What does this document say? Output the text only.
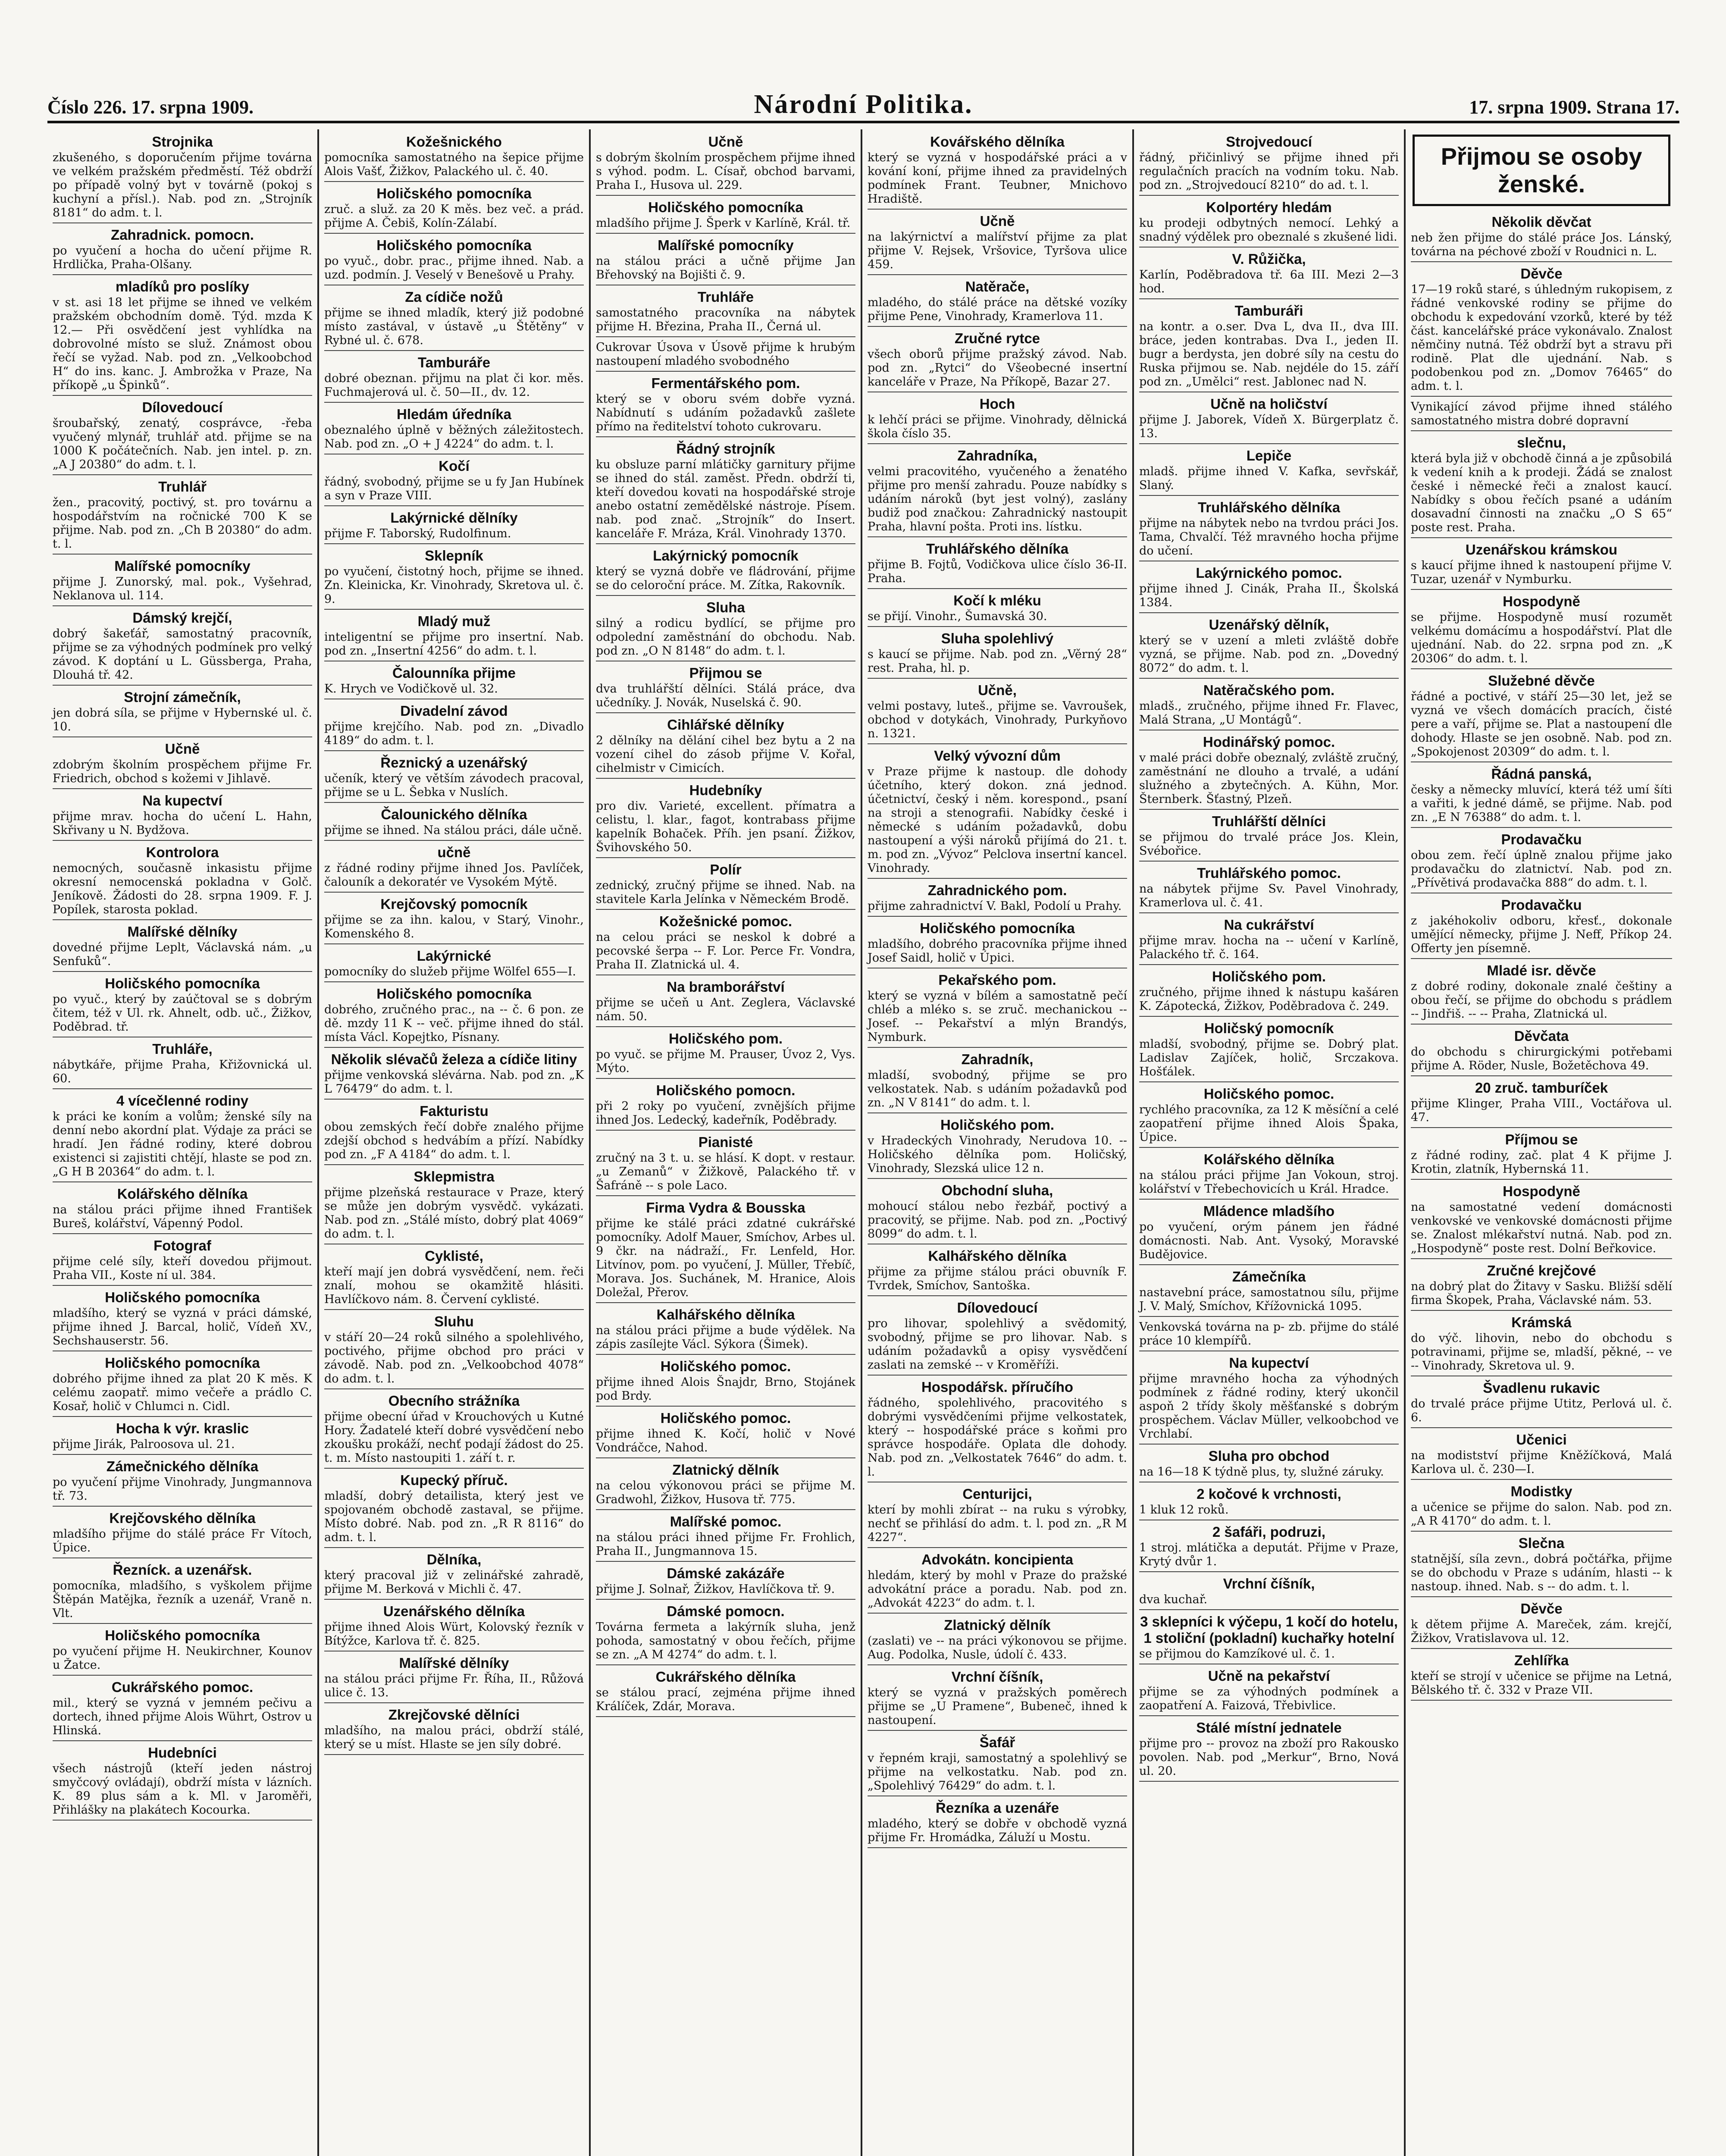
Číslo 226. 17. srpna 1909.	Národní Politika.	17. srpna 1909. Strana 17.
Strojnika
zkušeného, s doporučením přijme továrna ve velkém pražském předměstí. Též obdrží po případě volný byt v továrně (pokoj s kuchyní a přísl.). Nab. pod zn. „Strojník 8181“ do adm. t. l.
Zahradnick. pomocn.
po vyučení a hocha do učení přijme R. Hrdlička, Praha-Olšany.
mladíků pro poslíky
v st. asi 18 let přijme se ihned ve velkém pražském obchodním domě. Týd. mzda K 12.— Při osvědčení jest vyhlídka na dobrovolné místo se služ. Známost obou řečí se vyžad. Nab. pod zn. „Velkoobchod H“ do ins. kanc. J. Ambrožka v Praze, Na příkopě „u Špinků“.
Dílovedoucí
šroubařský, zenatý, cosprávce, ‑řeba vyučený mlynář, truhlář atd. přijme se na 1000 K počátečních. Nab. jen intel. p. zn. „A J 20380“ do adm. t. l.
Truhlář
žen., pracovitý, poctivý, st. pro továrnu a hospodářstvím na ročnické 700 K se přijme. Nab. pod zn. „Ch B 20380“ do adm. t. l.
Malířské pomocníky
přijme J. Zunorský, mal. pok., Vyšehrad, Neklanova ul. 114.
Dámský krejčí,
dobrý šakeťář, samostatný pracovník, přijme se za výhodných podmínek pro velký závod. K doptání u L. Güssberga, Praha, Dlouhá tř. 42.
Strojní zámečník,
jen dobrá síla, se přijme v Hybernské ul. č. 10.
Učně
zdobrým školním prospěchem přijme Fr. Friedrich, obchod s kožemi v Jihlavě.
Na kupectví
přijme mrav. hocha do učení L. Hahn, Skřivany u N. Bydžova.
Kontrolora
nemocných, současně inkasistu přijme okresní nemocenská pokladna v Golč. Jeníkově. Žádosti do 28. srpna 1909. F. J. Popílek, starosta poklad.
Malířské dělníky
dovedné přijme Leplt, Václavská nám. „u Senfuků“.
Holičského pomocníka
po vyuč., který by zaúčtoval se s dobrým čitem, též v Ul. rk. Ahnelt, odb. uč., Žižkov, Poděbrad. tř.
Truhláře,
nábytkáře, přijme Praha, Křižovnická ul. 60.
4 vícečlenné rodiny
k práci ke koním a volům; ženské síly na denní nebo akordní plat. Výdaje za práci se hradí. Jen řádné rodiny, které dobrou existenci si zajistiti chtějí, hlaste se pod zn. „G H B 20364“ do adm. t. l.
Kolářského dělníka
na stálou práci přijme ihned František Bureš, kolářství, Vápenný Podol.
Fotograf
přijme celé síly, kteří dovedou přijmout. Praha VII., Koste ní ul. 384.
Holičského pomocníka
mladšího, který se vyzná v práci dámské, přijme ihned J. Barcal, holič, Vídeň XV., Sechshauserstr. 56.
Holičského pomocníka
dobrého přijme ihned za plat 20 K měs. K celému zaopatř. mimo večeře a prádlo C. Kosař, holič v Chlumci n. Cidl.
Hocha k výr. kraslic
přijme Jirák, Palroosova ul. 21.
Zámečnického dělníka
po vyučení přijme Vinohrady, Jungmannova tř. 73.
Krejčovského dělníka
mladšího přijme do stálé práce Fr Vítoch, Úpice.
Řezníck. a uzenářsk.
pomocníka, mladšího, s vyškolem přijme Štěpán Matějka, řezník a uzenář, Vraně n. Vlt.
Holičského pomocníka
po vyučení přijme H. Neukirchner, Kounov u Žatce.
Cukrářského pomoc.
mil., který se vyzná v jemném pečivu a dortech, ihned přijme Alois Wührt, Ostrov u Hlinská.
Hudebníci
všech nástrojů (kteří jeden nástroj smyčcový ovládají), obdrží místa v lázních. K. 89 plus sám a k. Ml. v Jaroměři, Přihlášky na plakátech Kocourka.
Kožešnického
pomocníka samostatného na šepice přijme Alois Vašť, Žižkov, Palackého ul. č. 40.
Holičského pomocníka
zruč. a služ. za 20 K měs. bez več. a prád. přijme A. Čebiš, Kolín‑Zálabí.
Holičského pomocníka
po vyuč., dobr. prac., přijme ihned. Nab. a uzd. podmín. J. Veselý v Benešově u Prahy.
Za cídiče nožů
přijme se ihned mladík, který již podobné místo zastával, v ústavě „u Štětěny“ v Rybné ul. č. 678.
Tamburáře
dobré obeznan. přijmu na plat či kor. měs. Fuchmajerová ul. č. 50—II., dv. 12.
Hledám úředníka
obeznalého úplně v běžných záležitostech. Nab. pod zn. „O + J 4224“ do adm. t. l.
Kočí
řádný, svobodný, přijme se u fy Jan Hubínek a syn v Praze VIII.
Lakýrnické dělníky
přijme F. Taborský, Rudolfinum.
Sklepník
po vyučení, čistotný hoch, přijme se ihned. Zn. Kleinicka, Kr. Vinohrady, Skretova ul. č. 9.
Mladý muž
inteligentní se přijme pro insertní. Nab. pod zn. „Insertní 4256“ do adm. t. l.
Čalounníka přijme
K. Hrych ve Vodičkově ul. 32.
Divadelní závod
přijme krejčího. Nab. pod zn. „Divadlo 4189“ do adm. t. l.
Řeznický a uzenářský
učeník, který ve větším závodech pracoval, přijme se u L. Šebka v Nuslích.
Čalounického dělníka
přijme se ihned. Na stálou práci, dále učně.
učně
z řádné rodiny přijme ihned Jos. Pavlíček, čalouník a dekoratér ve Vysokém Mýtě.
Krejčovský pomocník
přijme se za ihn. kalou, v Starý, Vinohr., Komenského 8.
Lakýrnické
pomocníky do služeb přijme Wölfel 655—I.
Holičského pomocníka
dobrého, zručného prac., na ‑‑ č. 6 pon. ze dě. mzdy 11 K ‑‑ več. přijme ihned do stál. místa Václ. Kopejtko, Písnany.
Několik slévačů železa a cídiče litiny
přijme venkovská slévárna. Nab. pod zn. „K L 76479“ do adm. t. l.
Fakturistu
obou zemských řečí dobře znalého přijme zdejší obchod s hedvábím a přízí. Nabídky pod zn. „F A 4184“ do adm. t. l.
Sklepmistra
přijme plzeňská restaurace v Praze, který se může jen dobrým vysvědč. vykázati. Nab. pod zn. „Stálé místo, dobrý plat 4069“ do adm. t. l.
Cyklisté,
kteří mají jen dobrá vysvědčení, nem. řeči znalí, mohou se okamžitě hlásiti. Havlíčkovo nám. 8. Červení cyklisté.
Sluhu
v stáří 20—24 roků silného a spolehlivého, poctivého, přijme obchod pro práci v závodě. Nab. pod zn. „Velkoobchod 4078“ do adm. t. l.
Obecního strážníka
přijme obecní úřad v Krouchových u Kutné Hory. Žadatelé kteří dobré vysvědčení nebo zkoušku prokáží, nechť podají žádost do 25. t. m. Místo nastoupiti 1. září t. r.
Kupecký příruč.
mladší, dobrý detailista, který jest ve spojovaném obchodě zastaval, se přijme. Místo dobré. Nab. pod zn. „R R 8116“ do adm. t. l.
Dělníka,
který pracoval již v zelinářské zahradě, přijme M. Berková v Michli č. 47.
Uzenářského dělníka
přijme ihned Alois Würt, Kolovský řezník v Bítýžce, Karlova tř. č. 825.
Malířské dělníky
na stálou práci přijme Fr. Říha, II., Růžová ulice č. 13.
Zkrejčovské dělníci
mladšího, na malou práci, obdrží stálé, který se u míst. Hlaste se jen síly dobré.
Učně
s dobrým školním prospěchem přijme ihned s výhod. podm. L. Císař, obchod barvami, Praha I., Husova ul. 229.
Holičského pomocníka
mladšího přijme J. Šperk v Karlíně, Král. tř.
Malířské pomocníky
na stálou práci a učně přijme Jan Břehovský na Bojišti č. 9.
Truhláře
samostatného pracovníka na nábytek přijme H. Březina, Praha II., Černá ul.
Cukrovar Úsova v Úsově přijme k hrubým nastoupení mladého svobodného
Fermentářského pom.
který se v oboru svém dobře vyzná. Nabídnutí s udáním požadavků zašlete přímo na ředitelství tohoto cukrovaru.
Řádný strojník
ku obsluze parní mlátičky garnitury přijme se ihned do stál. zaměst. Předn. obdrží ti, kteří dovedou kovati na hospodářské stroje anebo ostatní zemědělské nástroje. Písem. nab. pod znač. „Strojník“ do Insert. kanceláře F. Mráza, Král. Vinohrady 1370.
Lakýrnický pomocník
který se vyzná dobře ve fládrování, přijme se do celoroční práce. M. Zítka, Rakovník.
Sluha
silný a rodicu bydlící, se přijme pro odpolední zaměstnání do obchodu. Nab. pod zn. „O N 8148“ do adm. t. l.
Přijmou se
dva truhlářští dělníci. Stálá práce, dva učedníky. J. Novák, Nuselská č. 90.
Cihlářské dělníky
2 dělníky na dělání cihel bez bytu a 2 na vození cihel do zásob přijme V. Kořal, cihelmistr v Cimicích.
Hudebníky
pro div. Varieté, excellent. přímatra a celistu, l. klar., fagot, kontrabass přijme kapelník Bohaček. Příh. jen psaní. Žižkov, Švihovského 50.
Polír
zednický, zručný přijme se ihned. Nab. na stavitele Karla Jelínka v Německém Brodě.
Kožešnické pomoc.
na celou práci se neskol k dobré a pecovské šerpa ‑‑ F. Lor. Perce Fr. Vondra, Praha II. Zlatnická ul. 4.
Na bramborářství
přijme se učeň u Ant. Zeglera, Václavské nám. 50.
Holičského pom.
po vyuč. se přijme M. Prauser, Úvoz 2, Vys. Mýto.
Holičského pomocn.
při 2 roky po vyučení, zvnějších přijme ihned Jos. Ledecký, kadeřník, Poděbrady.
Pianisté
zručný na 3 t. u. se hlásí. K dopt. v restaur. „u Zemanů“ v Žižkově, Palackého tř. v Šafráně ‑‑ s pole Laco.
Firma Vydra & Bousska
přijme ke stálé práci zdatné cukrářské pomocníky. Adolf Mauer, Smíchov, Arbes ul. 9 čkr. na nádraží., Fr. Lenfeld, Hor. Litvínov, pom. po vyučení, J. Müller, Třebíč, Morava. Jos. Suchánek, M. Hranice, Alois Doležal, Přerov.
Kalhářského dělníka
na stálou práci přijme a bude výdělek. Na zápis zasílejte Václ. Sýkora (Šimek).
Holičského pomoc.
přijme ihned Alois Šnajdr, Brno, Stojánek pod Brdy.
Holičského pomoc.
přijme ihned K. Kočí, holič v Nové Vondráčce, Nahod.
Zlatnický dělník
na celou výkonovou práci se přijme M. Gradwohl, Žižkov, Husova tř. 775.
Malířské pomoc.
na stálou práci ihned přijme Fr. Frohlich, Praha II., Jungmannova 15.
Dámské zakázáře
přijme J. Solnař, Žižkov, Havlíčkova tř. 9.
Dámské pomocn.
Továrna fermeta a lakýrník sluha, jenž pohoda, samostatný v obou řečích, přijme se zn. „A M 4274“ do adm. t. l.
Cukrářského dělníka
se stálou prací, zejména přijme ihned Králíček, Zdár, Morava.
Kovářského dělníka
který se vyzná v hospodářské práci a v kování koní, přijme ihned za pravidelných podmínek Frant. Teubner, Mnichovo Hradiště.
Učně
na lakýrnictví a malířství přijme za plat přijme V. Rejsek, Vršovice, Tyršova ulice 459.
Natěrače,
mladého, do stálé práce na dětské vozíky přijme Pene, Vinohrady, Kramerlova 11.
Zručné rytce
všech oborů přijme pražský závod. Nab. pod zn. „Rytci“ do Všeobecné insertní kanceláře v Praze, Na Příkopě, Bazar 27.
Hoch
k lehčí práci se přijme. Vinohrady, dělnická škola číslo 35.
Zahradníka,
velmi pracovitého, vyučeného a ženatého přijme pro menší zahradu. Pouze nabídky s udáním nároků (byt jest volný), zaslány budiž pod značkou: Zahradnický nastoupit Praha, hlavní pošta. Proti ins. lístku.
Truhlářského dělníka
přijme B. Fojtů, Vodičkova ulice číslo 36-II. Praha.
Kočí k mléku
se přijí. Vinohr., Šumavská 30.
Sluha spolehlivý
s kaucí se přijme. Nab. pod zn. „Věrný 28“ rest. Praha, hl. p.
Učně,
velmi postavy, luteš., přijme se. Vavroušek, obchod v dotykách, Vinohrady, Purkyňovo n. 1321.
Velký vývozní dům
v Praze přijme k nastoup. dle dohody účetního, který dokon. zná jednod. účetnictví, český i něm. korespond., psaní na stroji a stenografii. Nabídky české i německé s udáním požadavků, dobu nastoupení a výši nároků přijímá do 21. t. m. pod zn. „Vývoz“ Pelclova insertní kancel. Vinohrady.
Zahradnického pom.
přijme zahradnictví V. Bakl, Podolí u Prahy.
Holičského pomocníka
mladšího, dobrého pracovníka přijme ihned Josef Saidl, holič v Úpici.
Pekařského pom.
který se vyzná v bílém a samostatně pečí chléb a mléko s. se zruč. mechanickou ‑‑ Josef. ‑‑ Pekařství a mlýn Brandýs, Nymburk.
Zahradník,
mladší, svobodný, přijme se pro velkostatek. Nab. s udáním požadavků pod zn. „N V 8141“ do adm. t. l.
Holičského pom.
v Hradeckých Vinohrady, Nerudova 10. ‑‑ Holičského dělníka pom. Holičský, Vinohrady, Slezská ulice 12 n.
Obchodní sluha,
mohoucí stálou nebo řezbář, poctivý a pracovitý, se přijme. Nab. pod zn. „Poctivý 8099“ do adm. t. l.
Kalhářského dělníka
přijme za přijme stálou práci obuvník F. Tvrdek, Smíchov, Santoška.
Dílovedoucí
pro lihovar, spolehlivý a svědomitý, svobodný, přijme se pro lihovar. Nab. s udáním požadavků a opisy vysvědčení zaslati na zemské ‑‑ v Kroměříži.
Hospodářsk. příručího
řádného, spolehlivého, pracovitého s dobrými vysvědčeními přijme velkostatek, který ‑‑ hospodářské práce s koňmi pro správce hospodáře. Oplata dle dohody. Nab. pod zn. „Velkostatek 7646“ do adm. t. l.
Centurijci,
kterí by mohli zbírat ‑‑ na ruku s výrobky, nechť se přihlásí do adm. t. l. pod zn. „R M 4227“.
Advokátn. koncipienta
hledám, který by mohl v Praze do pražské advokátní práce a poradu. Nab. pod zn. „Advokát 4223“ do adm. t. l.
Zlatnický dělník
(zaslati) ve ‑‑ na práci výkonovou se přijme. Aug. Podolka, Nusle, údolí č. 433.
Vrchní číšník,
který se vyzná v pražských poměrech přijme se „U Pramene“, Bubeneč, ihned k nastoupení.
Šafář
v řepném kraji, samostatný a spolehlivý se přijme na velkostatku. Nab. pod zn. „Spolehlivý 76429“ do adm. t. l.
Řezníka a uzenáře
mladého, který se dobře v obchodě vyzná přijme Fr. Hromádka, Záluží u Mostu.
Strojvedoucí
řádný, přičinlivý se přijme ihned při regulačních pracích na vodním toku. Nab. pod zn. „Strojvedoucí 8210“ do ad. t. l.
Kolportéry hledám
ku prodeji odbytných nemocí. Lehký a snadný výdělek pro obeznalé s zkušené lidi.
V. Růžička,
Karlín, Poděbradova tř. 6a III. Mezi 2—3 hod.
Tamburáři
na kontr. a o.ser. Dva L, dva II., dva III. bráce, jeden kontrabas. Dva I., jeden II. bugr a berdysta, jen dobré síly na cestu do Ruska přijmou se. Nab. nejdéle do 15. září pod zn. „Umělci“ rest. Jablonec nad N.
Učně na holičství
přijme J. Jaborek, Vídeň X. Bürgerplatz č. 13.
Lepiče
mladš. přijme ihned V. Kafka, sevřskář, Slaný.
Truhlářského dělníka
přijme na nábytek nebo na tvrdou práci Jos. Tama, Chvalčí. Též mravného hocha přijme do učení.
Lakýrnického pomoc.
přijme ihned J. Cinák, Praha II., Školská 1384.
Uzenářský dělník,
který se v uzení a mleti zvláště dobře vyzná, se přijme. Nab. pod zn. „Dovedný 8072“ do adm. t. l.
Natěračského pom.
mladš., zručného, přijme ihned Fr. Flavec, Malá Strana, „U Montágů“.
Hodinářský pomoc.
v malé práci dobře obeznalý, zvláště zručný, zaměstnání ne dlouho a trvalé, a udání služného a zbytečných. A. Kühn, Mor. Šternberk. Šťastný, Plzeň.
Truhlářští dělníci
se přijmou do trvalé práce Jos. Klein, Svébořice.
Truhlářského pomoc.
na nábytek přijme Sv. Pavel Vinohrady, Kramerlova ul. č. 41.
Na cukrářství
přijme mrav. hocha na ‑‑ učení v Karlíně, Palackého tř. č. 164.
Holičského pom.
zručného, přijme ihned k nástupu kašáren K. Zápotecká, Žižkov, Poděbradova č. 249.
Holičský pomocník
mladší, svobodný, přijme se. Dobrý plat. Ladislav Zajíček, holič, Srczakova. Hošťálek.
Holičského pomoc.
rychlého pracovníka, za 12 K měsíční a celé zaopatření přijme ihned Alois Špaka, Úpice.
Kolářského dělníka
na stálou práci přijme Jan Vokoun, stroj. kolářství v Třebechovicích u Král. Hradce.
Mládence mladšího
po vyučení, orým pánem jen řádné domácnosti. Nab. Ant. Vysoký, Moravské Budějovice.
Zámečníka
nastavební práce, samostatnou sílu, přijme J. V. Malý, Smíchov, Křížovnická 1095.
Venkovská továrna na p‑ zb. přijme do stálé práce 10 klempířů.
Na kupectví
přijme mravného hocha za výhodných podmínek z řádné rodiny, který ukončil aspoň 2 třídy školy měšťanské s dobrým prospěchem. Václav Müller, velkoobchod ve Vrchlabí.
Sluha pro obchod
na 16—18 K týdně plus, ty, služné záruky.
2 kočové k vrchnosti,
1 kluk 12 roků.
2 šafáři, podruzi,
1 stroj. mlátička a deputát. Přijme v Praze, Krytý dvůr 1.
Vrchní číšník,
dva kuchař.
3 sklepníci k výčepu, 1 kočí do hotelu, 1 stoliční (pokladní) kuchařky hotelní
se přijmou do Kamzíkové ul. č. 1.
Učně na pekařství
přijme se za výhodných podmínek a zaopatření A. Faizová, Třebivlice.
Stálé místní jednatele
přijme pro ‑‑ provoz na zboží pro Rakousko povolen. Nab. pod „Merkur“, Brno, Nová ul. 20.
Přijmou se osoby ženské.
Několik děvčat
neb žen přijme do stálé práce Jos. Lánský, továrna na péchové zboží v Roudnici n. L.
Děvče
17—19 roků staré, s úhledným rukopisem, z řádné venkovské rodiny se přijme do obchodu k expedování vzorků, které by též část. kancelářské práce vykonávalo. Znalost němčiny nutná. Též obdrží byt a stravu při rodině. Plat dle ujednání. Nab. s podobenkou pod zn. „Domov 76465“ do adm. t. l.
Vynikající závod přijme ihned stálého samostatného mistra dobré dopravní
slečnu,
která byla již v obchodě činná a je způsobilá k vedení knih a k prodeji. Žádá se znalost české i německé řeči a znalost kaucí. Nabídky s obou řečích psané a udáním dosavadní činnosti na značku „O S 65“ poste rest. Praha.
Uzenářskou krámskou
s kaucí přijme ihned k nastoupení přijme V. Tuzar, uzenář v Nymburku.
Hospodyně
se přijme. Hospodyně musí rozumět velkému domácímu a hospodářství. Plat dle ujednání. Nab. do 22. srpna pod zn. „K 20306“ do adm. t. l.
Služebné děvče
řádné a poctivé, v stáří 25—30 let, jež se vyzná ve všech domácích pracích, čisté pere a vaří, přijme se. Plat a nastoupení dle dohody. Hlaste se jen osobně. Nab. pod zn. „Spokojenost 20309“ do adm. t. l.
Řádná panská,
česky a německy mluvící, která též umí šíti a vařiti, k jedné dámě, se přijme. Nab. pod zn. „E N 76388“ do adm. t. l.
Prodavačku
obou zem. řečí úplně znalou přijme jako prodavačku do zlatnictví. Nab. pod zn. „Přívětivá prodavačka 888“ do adm. t. l.
Prodavačku
z jakéhokoliv odboru, křesť., dokonale umějící německy, přijme J. Neff, Příkop 24. Offerty jen písemně.
Mladé isr. děvče
z dobré rodiny, dokonale znalé češtiny a obou řečí, se přijme do obchodu s prádlem ‑‑ Jindřiš. ‑‑ ‑‑ Praha, Zlatnická ul.
Děvčata
do obchodu s chirurgickými potřebami přijme A. Röder, Nusle, Božetěchova 49.
20 zruč. tamburíček
přijme Klinger, Praha VIII., Voctářova ul. 47.
Příjmou se
z řádné rodiny, zač. plat 4 K přijme J. Krotin, zlatník, Hybernská 11.
Hospodyně
na samostatné vedení domácnosti venkovské ve venkovské domácnosti přijme se. Znalost mlékařství nutná. Nab. pod zn. „Hospodyně“ poste rest. Dolní Beřkovice.
Zručné krejčové
na dobrý plat do Žitavy v Sasku. Bližší sdělí firma Škopek, Praha, Václavské nám. 53.
Krámská
do výč. lihovin, nebo do obchodu s potravinami, přijme se, mladší, pěkné, ‑‑ ve ‑‑ Vinohrady, Skretova ul. 9.
Švadlenu rukavic
do trvalé práce přijme Utitz, Perlová ul. č. 6.
Učenici
na modistství přijme Kněžíčková, Malá Karlova ul. č. 230—I.
Modistky
a učenice se přijme do salon. Nab. pod zn. „A R 4170“ do adm. t. l.
Slečna
statnější, síla zevn., dobrá počtářka, přijme se do obchodu v Praze s udáním, hlasti ‑‑ k nastoup. ihned. Nab. s ‑‑ do adm. t. l.
Děvče
k dětem přijme A. Mareček, zám. krejčí, Žižkov, Vratislavova ul. 12.
Zehlířka
kteří se strojí v učenice se přijme na Letná, Bělského tř. č. 332 v Praze VII.
